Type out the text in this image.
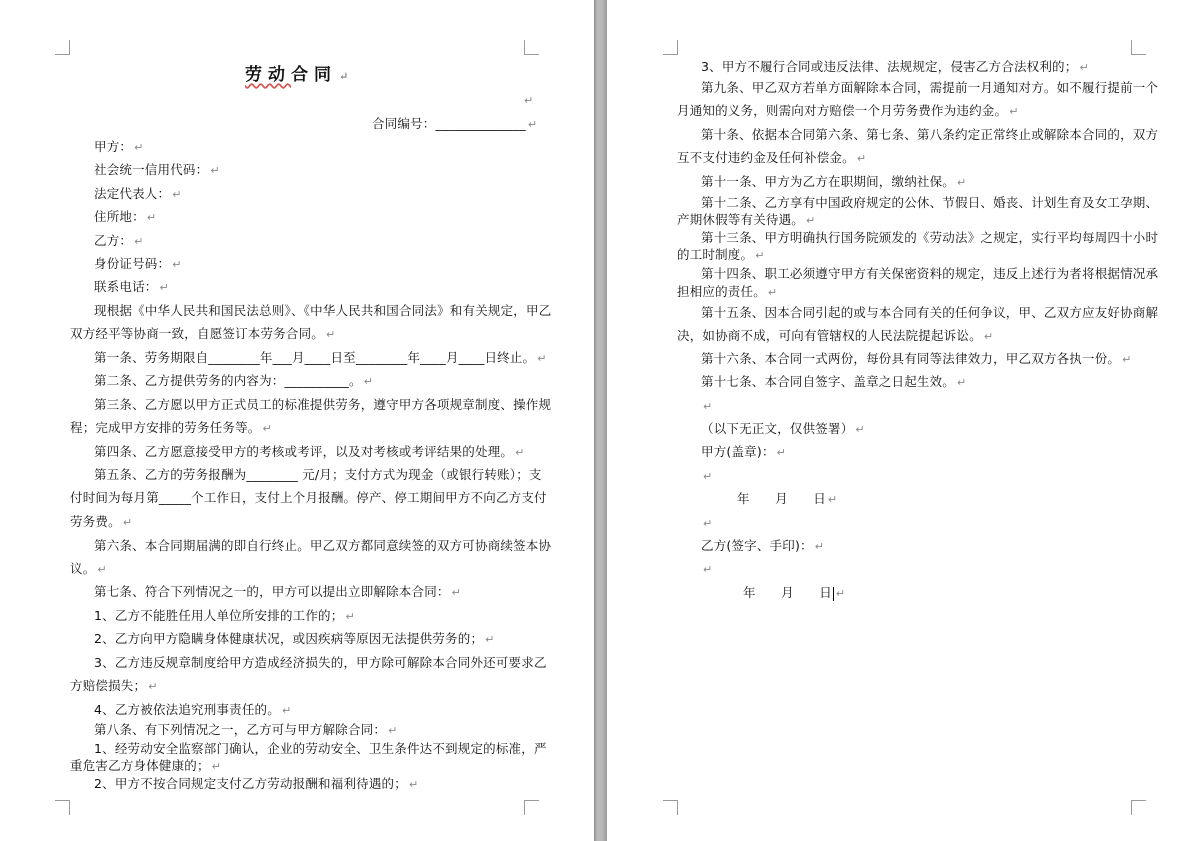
劳动合同 ↵
↵
合同编号：______________ ↵
甲方： ↵
社会统一信用代码： ↵
法定代表人： ↵
住所地： ↵
乙方： ↵
身份证号码： ↵
联系电话： ↵
现根据《中华人民共和国民法总则》、《中华人民共和国合同法》和有关规定，甲乙
双方经平等协商一致，自愿签订本劳务合同。 ↵
第一条、劳务期限自________年___月____日至________年____月____日终止。 ↵
第二条、乙方提供劳务的内容为：__________。 ↵
第三条、乙方愿以甲方正式员工的标准提供劳务，遵守甲方各项规章制度、操作规
程；完成甲方安排的劳务任务等。 ↵
第四条、乙方愿意接受甲方的考核或考评，以及对考核或考评结果的处理。 ↵
第五条、乙方的劳务报酬为________ 元/月；支付方式为现金（或银行转账）；支
付时间为每月第_____个工作日，支付上个月报酬。停产、停工期间甲方不向乙方支付
劳务费。 ↵
第六条、本合同期届满的即自行终止。甲乙双方都同意续签的双方可协商续签本协
议。 ↵
第七条、符合下列情况之一的，甲方可以提出立即解除本合同： ↵
1、乙方不能胜任用人单位所安排的工作的； ↵
2、乙方向甲方隐瞒身体健康状况，或因疾病等原因无法提供劳务的； ↵
3、乙方违反规章制度给甲方造成经济损失的，甲方除可解除本合同外还可要求乙
方赔偿损失； ↵
4、乙方被依法追究刑事责任的。 ↵
第八条、有下列情况之一，乙方可与甲方解除合同： ↵
1、经劳动安全监察部门确认，企业的劳动安全、卫生条件达不到规定的标准，严
重危害乙方身体健康的； ↵
2、甲方不按合同规定支付乙方劳动报酬和福利待遇的； ↵
3、甲方不履行合同或违反法律、法规规定，侵害乙方合法权利的； ↵
第九条、甲乙双方若单方面解除本合同，需提前一月通知对方。如不履行提前一个
月通知的义务，则需向对方赔偿一个月劳务费作为违约金。 ↵
第十条、依据本合同第六条、第七条、第八条约定正常终止或解除本合同的，双方
互不支付违约金及任何补偿金。 ↵
第十一条、甲方为乙方在职期间，缴纳社保。 ↵
第十二条、乙方享有中国政府规定的公休、节假日、婚丧、计划生育及女工孕期、
产期休假等有关待遇。 ↵
第十三条、甲方明确执行国务院颁发的《劳动法》之规定，实行平均每周四十小时
的工时制度。 ↵
第十四条、职工必须遵守甲方有关保密资料的规定，违反上述行为者将根据情况承
担相应的责任。 ↵
第十五条、因本合同引起的或与本合同有关的任何争议，甲、乙双方应友好协商解
决，如协商不成，可向有管辖权的人民法院提起诉讼。 ↵
第十六条、本合同一式两份，每份具有同等法律效力，甲乙双方各执一份。 ↵
第十七条、本合同自签字、盖章之日起生效。 ↵
↵
（以下无正文，仅供签署） ↵
甲方(盖章)： ↵
↵
年　　月　　日 ↵
↵
乙方(签字、手印)： ↵
↵
年　　月　　日 ↵
